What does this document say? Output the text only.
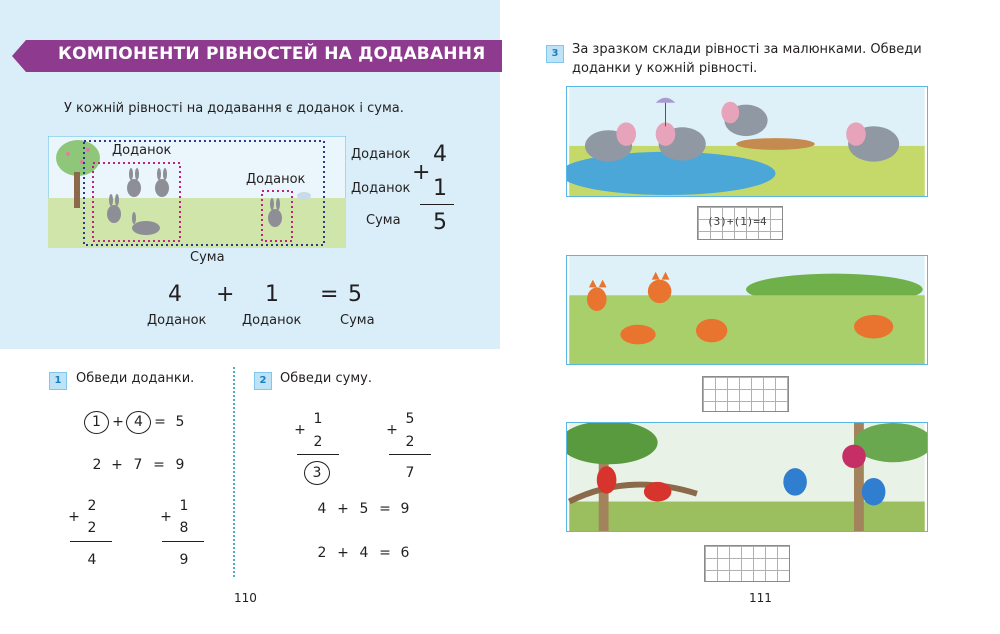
КОМПОНЕНТИ РІВНОСТЕЙ НА ДОДАВАННЯ
У кожній рівності на додавання є доданок і сума.
Доданок
Доданок
Сума
Доданок
Доданок
Сума
+
4
1
5
4 + 1 = 5
Доданок	Доданок	Сума
1	Обведи доданки.
1 + 4 = 5
2 + 7 = 9
+
2
2
4
+
1
8
9
2	Обведи суму.
+
1
2
3
+
5
2
7
4 + 5 = 9
2 + 4 = 6
110
3	За зразком склади рівності за малюнками. Обведи
доданки у кожній рівності.
(3)+(1)=4
111
